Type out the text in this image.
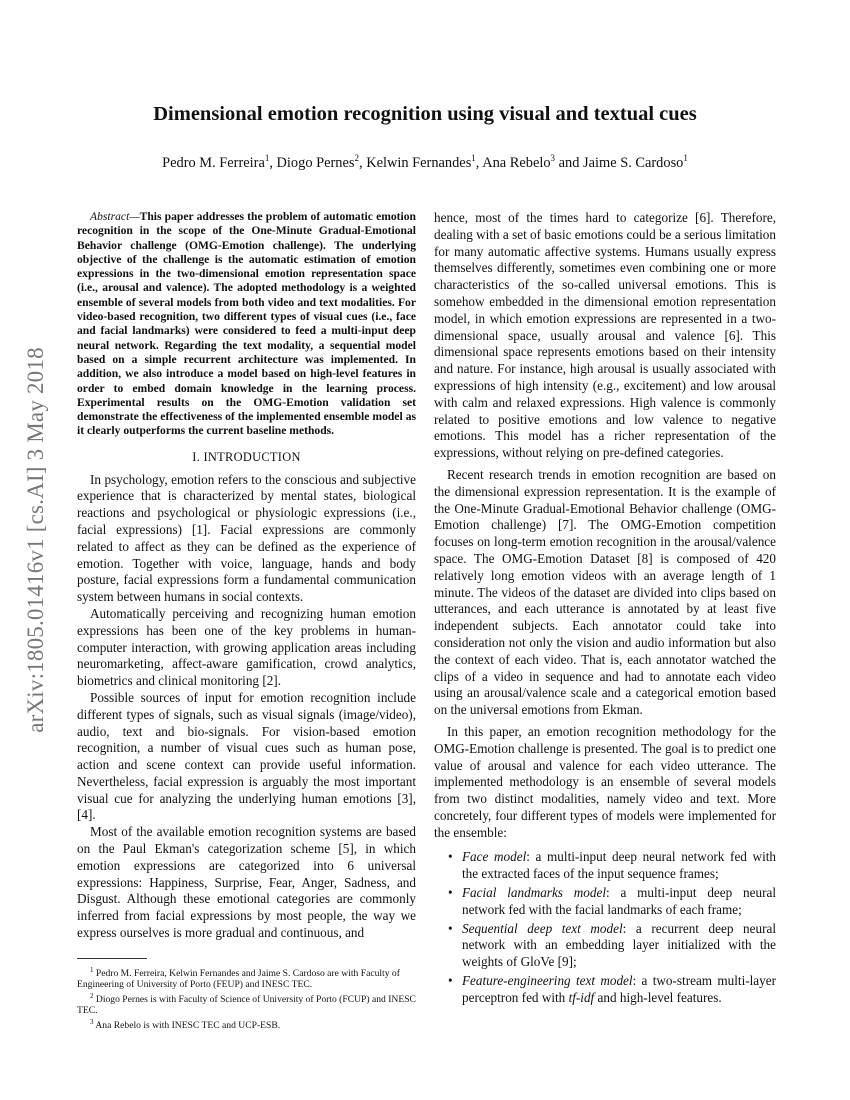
arXiv:1805.01416v1 [cs.AI] 3 May 2018
Dimensional emotion recognition using visual and textual cues

Pedro M. Ferreira$^1$, Diogo Pernes$^2$, Kelwin Fernandes$^1$, Ana Rebelo$^3$ and Jaime S. Cardoso$^1$

Abstract—This paper addresses the problem of automatic emotion recognition in the scope of the One-Minute Gradual-Emotional Behavior challenge (OMG-Emotion challenge). The underlying objective of the challenge is the automatic estimation of emotion expressions in the two-dimensional emotion representation space (i.e., arousal and valence). The adopted methodology is a weighted ensemble of several models from both video and text modalities. For video-based recognition, two different types of visual cues (i.e., face and facial landmarks) were considered to feed a multi-input deep neural network. Regarding the text modality, a sequential model based on a simple recurrent architecture was implemented. In addition, we also introduce a model based on high-level features in order to embed domain knowledge in the learning process. Experimental results on the OMG-Emotion validation set demonstrate the effectiveness of the implemented ensemble model as it clearly outperforms the current baseline methods.

I. INTRODUCTION

In psychology, emotion refers to the conscious and subjective experience that is characterized by mental states, biological reactions and psychological or physiologic expressions (i.e., facial expressions) [1]. Facial expressions are commonly related to affect as they can be defined as the experience of emotion. Together with voice, language, hands and body posture, facial expressions form a fundamental communication system between humans in social contexts.

Automatically perceiving and recognizing human emotion expressions has been one of the key problems in human-computer interaction, with growing application areas including neuromarketing, affect-aware gamification, crowd analytics, biometrics and clinical monitoring [2].

Possible sources of input for emotion recognition include different types of signals, such as visual signals (image/video), audio, text and bio-signals. For vision-based emotion recognition, a number of visual cues such as human pose, action and scene context can provide useful information. Nevertheless, facial expression is arguably the most important visual cue for analyzing the underlying human emotions [3], [4].

Most of the available emotion recognition systems are based on the Paul Ekman's categorization scheme [5], in which emotion expressions are categorized into 6 universal expressions: Happiness, Surprise, Fear, Anger, Sadness, and Disgust. Although these emotional categories are commonly inferred from facial expressions by most people, the way we express ourselves is more gradual and continuous, and

$^1$ Pedro M. Ferreira, Kelwin Fernandes and Jaime S. Cardoso are with Faculty of Engineering of University of Porto (FEUP) and INESC TEC.

$^2$ Diogo Pernes is with Faculty of Science of University of Porto (FCUP) and INESC TEC.

$^3$ Ana Rebelo is with INESC TEC and UCP-ESB.

hence, most of the times hard to categorize [6]. Therefore, dealing with a set of basic emotions could be a serious limitation for many automatic affective systems. Humans usually express themselves differently, sometimes even combining one or more characteristics of the so-called universal emotions. This is somehow embedded in the dimensional emotion representation model, in which emotion expressions are represented in a two-dimensional space, usually arousal and valence [6]. This dimensional space represents emotions based on their intensity and nature. For instance, high arousal is usually associated with expressions of high intensity (e.g., excitement) and low arousal with calm and relaxed expressions. High valence is commonly related to positive emotions and low valence to negative emotions. This model has a richer representation of the expressions, without relying on pre-defined categories.

Recent research trends in emotion recognition are based on the dimensional expression representation. It is the example of the One-Minute Gradual-Emotional Behavior challenge (OMG-Emotion challenge) [7]. The OMG-Emotion competition focuses on long-term emotion recognition in the arousal/valence space. The OMG-Emotion Dataset [8] is composed of 420 relatively long emotion videos with an average length of 1 minute. The videos of the dataset are divided into clips based on utterances, and each utterance is annotated by at least five independent subjects. Each annotator could take into consideration not only the vision and audio information but also the context of each video. That is, each annotator watched the clips of a video in sequence and had to annotate each video using an arousal/valence scale and a categorical emotion based on the universal emotions from Ekman.

In this paper, an emotion recognition methodology for the OMG-Emotion challenge is presented. The goal is to predict one value of arousal and valence for each video utterance. The implemented methodology is an ensemble of several models from two distinct modalities, namely video and text. More concretely, four different types of models were implemented for the ensemble:

• Face model: a multi-input deep neural network fed with the extracted faces of the input sequence frames;
• Facial landmarks model: a multi-input deep neural network fed with the facial landmarks of each frame;
• Sequential deep text model: a recurrent deep neural network with an embedding layer initialized with the weights of GloVe [9];
• Feature-engineering text model: a two-stream multi-layer perceptron fed with tf-idf and high-level features.
